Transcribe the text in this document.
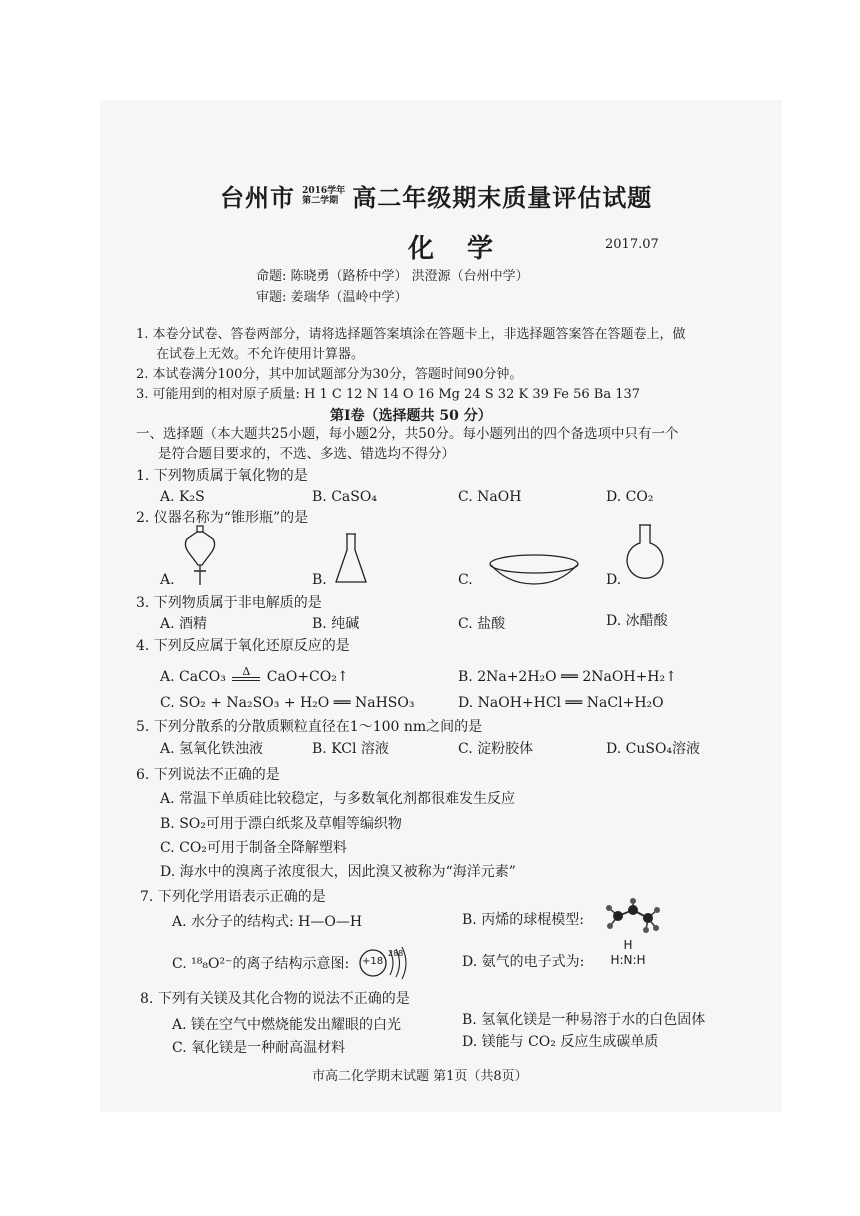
台州市 2016学年
第二学期 高二年级期末质量评估试题
化 学	2017.07
命题: 陈晓勇（路桥中学） 洪澄源（台州中学）
审题: 姜瑞华（温岭中学）
1. 本卷分试卷、答卷两部分，请将选择题答案填涂在答题卡上，非选择题答案答在答题卷上，做
在试卷上无效。不允许使用计算器。
2. 本试卷满分100分，其中加试题部分为30分，答题时间90分钟。
3. 可能用到的相对原子质量: H 1 C 12 N 14 O 16 Mg 24 S 32 K 39 Fe 56 Ba 137
第Ⅰ卷（选择题共 50 分）
一、选择题（本大题共25小题，每小题2分，共50分。每小题列出的四个备选项中只有一个
是符合题目要求的，不选、多选、错选均不得分）
1. 下列物质属于氧化物的是
A. K₂S	B. CaSO₄	C. NaOH	D. CO₂
2. 仪器名称为“锥形瓶”的是
A.	B.	C.	D.
3. 下列物质属于非电解质的是
A. 酒精	B. 纯碱	C. 盐酸	D. 冰醋酸
4. 下列反应属于氧化还原反应的是
A. CaCO₃	Δ	CaO+CO₂↑	B. 2Na+2H₂O ══ 2NaOH+H₂↑
C. SO₂ + Na₂SO₃ + H₂O ══ NaHSO₃	D. NaOH+HCl ══ NaCl+H₂O
5. 下列分散系的分散质颗粒直径在1～100 nm之间的是
A. 氢氧化铁浊液	B. KCl 溶液	C. 淀粉胶体	D. CuSO₄溶液
6. 下列说法不正确的是
A. 常温下单质硅比较稳定，与多数氧化剂都很难发生反应
B. SO₂可用于漂白纸浆及草帽等编织物
C. CO₂可用于制备全降解塑料
D. 海水中的溴离子浓度很大，因此溴又被称为“海洋元素”
7. 下列化学用语表示正确的是
A. 水分子的结构式: H—O—H	B. 丙烯的球棍模型:
C. ¹⁸₈O²⁻的离子结构示意图: +18
288
D. 氨气的电子式为:
H
H:N:H
8. 下列有关镁及其化合物的说法不正确的是
A. 镁在空气中燃烧能发出耀眼的白光	B. 氢氧化镁是一种易溶于水的白色固体
C. 氧化镁是一种耐高温材料	D. 镁能与 CO₂ 反应生成碳单质
市高二化学期末试题 第1页（共8页）
